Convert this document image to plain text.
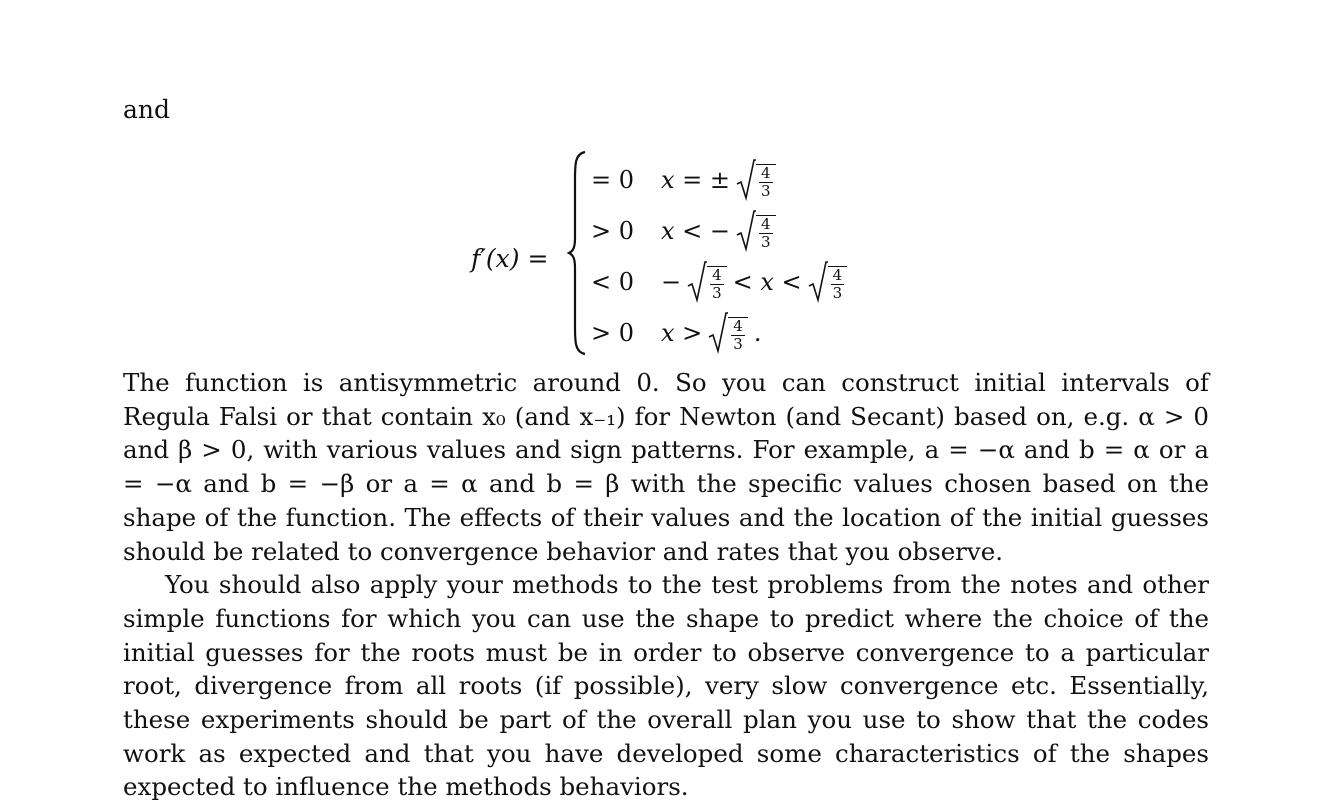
and

f′(x) =
= 0	x = ± $\frac{4}{3}$
> 0	x < − $\frac{4}{3}$
< 0	− $\frac{4}{3} < x < \frac{4}{3}$
> 0	$x > \frac{4}{3}$ .

The function is antisymmetric around 0. So you can construct initial intervals of Regula Falsi or that contain x₀ (and x₋₁) for Newton (and Secant) based on, e.g. α > 0 and β > 0, with various values and sign patterns. For example, a = −α and b = α or a = −α and b = −β or a = α and b = β with the specific values chosen based on the shape of the function. The effects of their values and the location of the initial guesses should be related to convergence behavior and rates that you observe.

You should also apply your methods to the test problems from the notes and other simple functions for which you can use the shape to predict where the choice of the initial guesses for the roots must be in order to observe convergence to a particular root, divergence from all roots (if possible), very slow convergence etc. Essentially, these experiments should be part of the overall plan you use to show that the codes work as expected and that you have developed some characteristics of the shapes expected to influence the methods behaviors.
